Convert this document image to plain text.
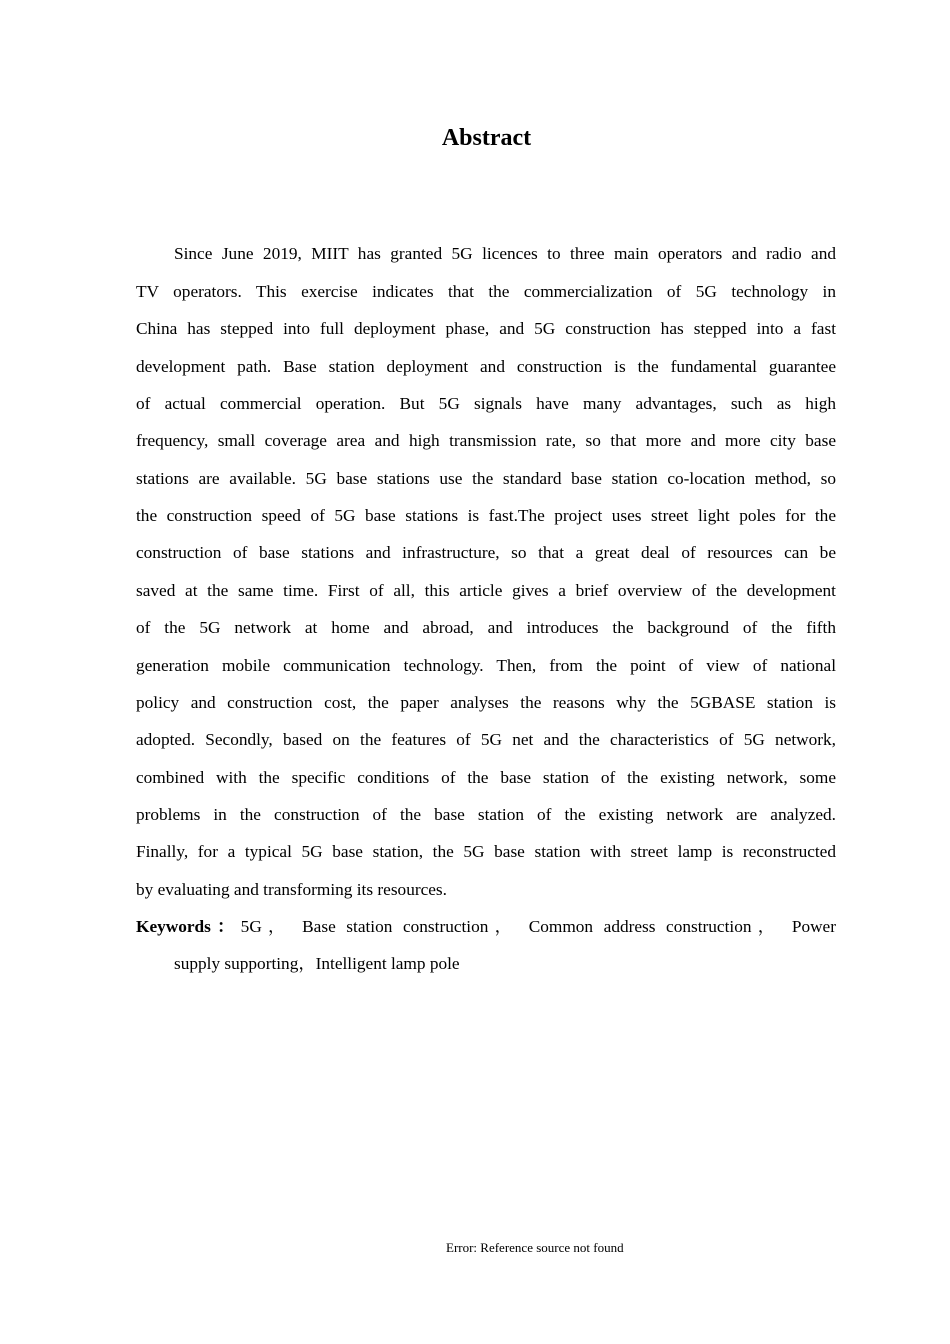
Abstract
Since June 2019, MIIT has granted 5G licences to three main operators and radio and
TV operators. This exercise indicates that the commercialization of 5G technology in
China has stepped into full deployment phase, and 5G construction has stepped into a fast
development path. Base station deployment and construction is the fundamental guarantee
of actual commercial operation. But 5G signals have many advantages, such as high
frequency, small coverage area and high transmission rate, so that more and more city base
stations are available. 5G base stations use the standard base station co-location method, so
the construction speed of 5G base stations is fast.The project uses street light poles for the
construction of base stations and infrastructure, so that a great deal of resources can be
saved at the same time. First of all, this article gives a brief overview of the development
of the 5G network at home and abroad, and introduces the background of the fifth
generation mobile communication technology. Then, from the point of view of national
policy and construction cost, the paper analyses the reasons why the 5GBASE station is
adopted. Secondly, based on the features of 5G net and the characteristics of 5G network,
combined with the specific conditions of the base station of the existing network, some
problems in the construction of the base station of the existing network are analyzed.
Finally, for a typical 5G base station, the 5G base station with street lamp is reconstructed
by evaluating and transforming its resources.
Keywords：5G， Base station construction， Common address construction， Power
supply supporting，Intelligent lamp pole
Error: Reference source not found
